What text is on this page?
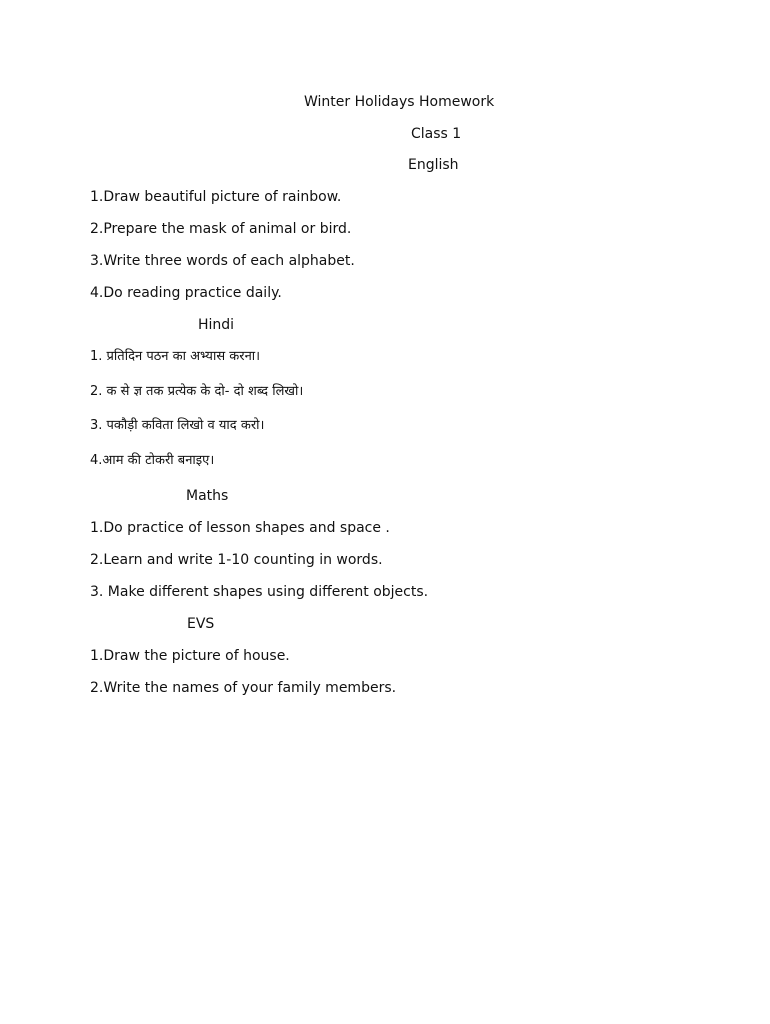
Winter Holidays Homework
Class 1
English
1.Draw beautiful picture of rainbow.
2.Prepare the mask of animal or bird.
3.Write three words of each alphabet.
4.Do reading practice daily.
Hindi
1. प्रतिदिन पठन का अभ्यास करना।
2. क से ज्ञ तक प्रत्येक के दो- दो शब्द लिखो।
3. पकौड़ी कविता लिखो व याद करो।
4.आम की टोकरी बनाइए।
Maths
1.Do practice of lesson shapes and space .
2.Learn and write 1-10 counting in words.
3. Make different shapes using different objects.
EVS
1.Draw the picture of house.
2.Write the names of your family members.
